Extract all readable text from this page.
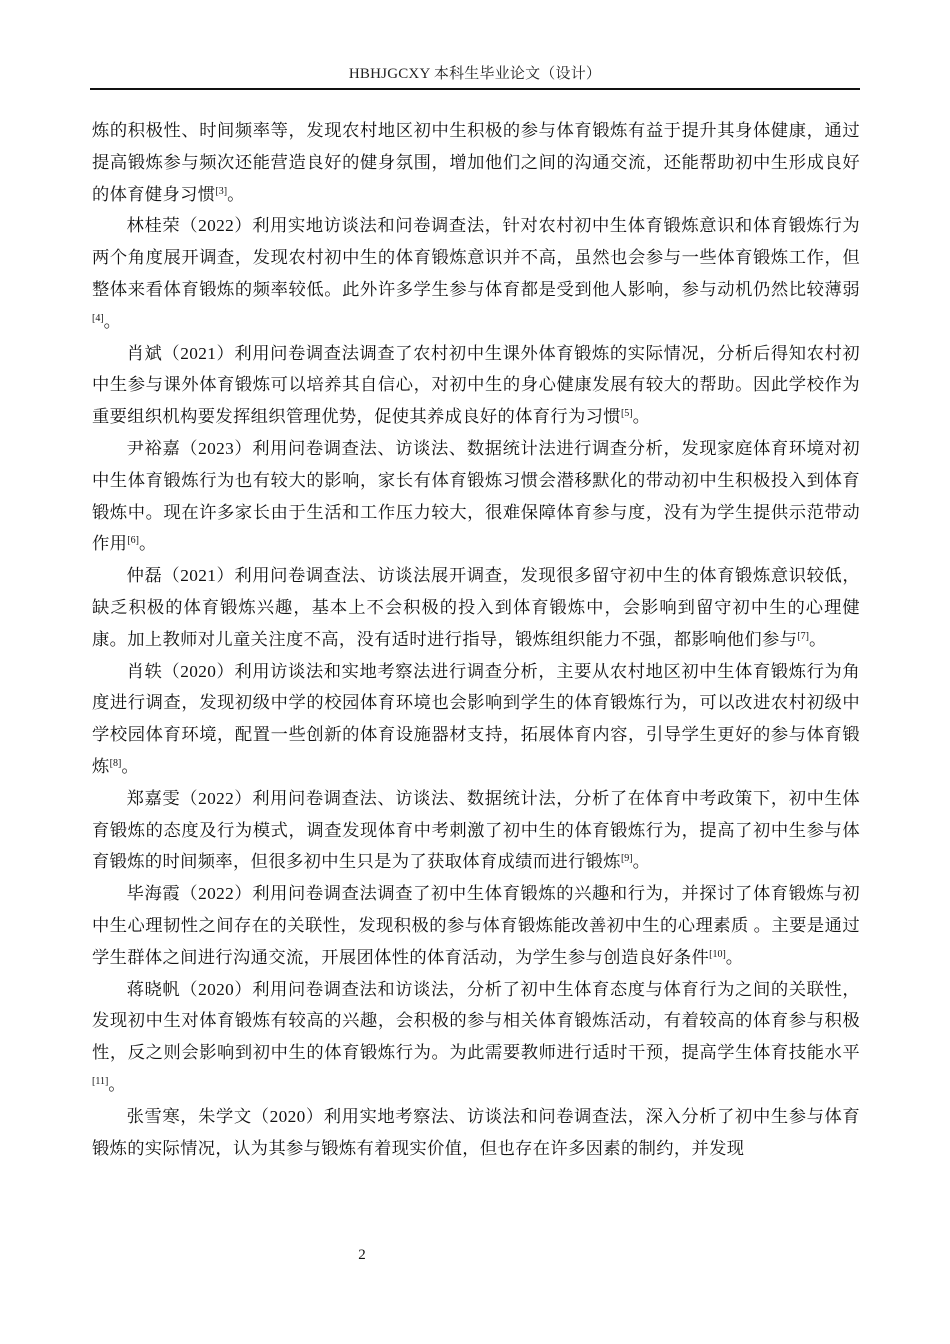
HBHJGCXY 本科生毕业论文（设计）

炼的积极性、时间频率等，发现农村地区初中生积极的参与体育锻炼有益于提升其身体健康，通过提高锻炼参与频次还能营造良好的健身氛围，增加他们之间的沟通交流，还能帮助初中生形成良好的体育健身习惯[3]。

林桂荣（2022）利用实地访谈法和问卷调查法，针对农村初中生体育锻炼意识和体育锻炼行为两个角度展开调查，发现农村初中生的体育锻炼意识并不高，虽然也会参与一些体育锻炼工作，但整体来看体育锻炼的频率较低。此外许多学生参与体育都是受到他人影响，参与动机仍然比较薄弱[4]。

肖斌（2021）利用问卷调查法调查了农村初中生课外体育锻炼的实际情况，分析后得知农村初中生参与课外体育锻炼可以培养其自信心，对初中生的身心健康发展有较大的帮助。因此学校作为重要组织机构要发挥组织管理优势，促使其养成良好的体育行为习惯[5]。

尹裕嘉（2023）利用问卷调查法、访谈法、数据统计法进行调查分析，发现家庭体育环境对初中生体育锻炼行为也有较大的影响，家长有体育锻炼习惯会潜移默化的带动初中生积极投入到体育锻炼中。现在许多家长由于生活和工作压力较大，很难保障体育参与度，没有为学生提供示范带动作用[6]。

仲磊（2021）利用问卷调查法、访谈法展开调查，发现很多留守初中生的体育锻炼意识较低，缺乏积极的体育锻炼兴趣，基本上不会积极的投入到体育锻炼中，会影响到留守初中生的心理健康。加上教师对儿童关注度不高，没有适时进行指导，锻炼组织能力不强，都影响他们参与[7]。

肖轶（2020）利用访谈法和实地考察法进行调查分析，主要从农村地区初中生体育锻炼行为角度进行调查，发现初级中学的校园体育环境也会影响到学生的体育锻炼行为，可以改进农村初级中学校园体育环境，配置一些创新的体育设施器材支持，拓展体育内容，引导学生更好的参与体育锻炼[8]。

郑嘉雯（2022）利用问卷调查法、访谈法、数据统计法，分析了在体育中考政策下，初中生体育锻炼的态度及行为模式，调查发现体育中考刺激了初中生的体育锻炼行为，提高了初中生参与体育锻炼的时间频率，但很多初中生只是为了获取体育成绩而进行锻炼[9]。

毕海霞（2022）利用问卷调查法调查了初中生体育锻炼的兴趣和行为，并探讨了体育锻炼与初中生心理韧性之间存在的关联性，发现积极的参与体育锻炼能改善初中生的心理素质 。主要是通过学生群体之间进行沟通交流，开展团体性的体育活动，为学生参与创造良好条件[10]。

蒋晓帆（2020）利用问卷调查法和访谈法，分析了初中生体育态度与体育行为之间的关联性，发现初中生对体育锻炼有较高的兴趣，会积极的参与相关体育锻炼活动，有着较高的体育参与积极性，反之则会影响到初中生的体育锻炼行为。为此需要教师进行适时干预，提高学生体育技能水平[11]。

张雪寒，朱学文（2020）利用实地考察法、访谈法和问卷调查法，深入分析了初中生参与体育锻炼的实际情况，认为其参与锻炼有着现实价值，但也存在许多因素的制约，并发现

2
